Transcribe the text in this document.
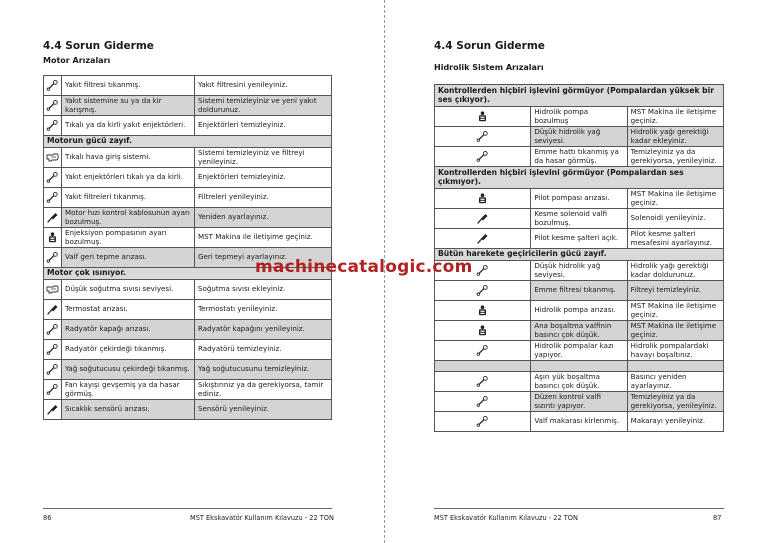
4.4 Sorun Giderme
Motor Arızaları
	Yakıt filtresi tıkanmış.	Yakıt filtresini yenileyiniz.

	Yakıt sistemine su ya da kir karışmış.	Sistemi temizleyiniz ve yeni yakıt doldurunuz.

	Tıkalı ya da kirli yakıt enjektörleri.	Enjektörleri temizleyiniz.
Motorun gücü zayıf.		

	Tıkalı hava giriş sistemi.	Sistemi temizleyiniz ve filtreyi yenileyiniz.

	Yakıt enjektörleri tıkalı ya da kirli.	Enjektörleri temizleyiniz.

	Yakıt filtreleri tıkanmış.	Filtreleri yenileyiniz.

	Motor hızı kontrol kablosunun ayarı bozulmuş.	Yeniden ayarlayınız.

	Enjeksiyon pompasının ayarı bozulmuş.	MST Makina ile iletişime geçiniz.

	Valf geri tepme arızası.	Geri tepmeyi ayarlayınız.
Motor çok ısınıyor.		

	Düşük soğutma sıvısı seviyesi.	Soğutma sıvısı ekleyiniz.

	Termostat arızası.	Termostatı yenileyiniz.

	Radyatör kapağı arızası.	Radyatör kapağını yenileyiniz.

	Radyatör çekirdeği tıkanmış.	Radyatörü temizleyiniz.

	Yağ soğutucusu çekirdeği tıkanmış.	Yağ soğutucusunu temizleyiniz.

	Fan kayışı gevşemiş ya da hasar görmüş.	Sıkıştırınız ya da gerekiyorsa, tamir ediniz.

	Sıcaklık sensörü arızası.	Sensörü yenileyiniz.
86	MST Ekskavatör Kullanım Kılavuzu - 22 TON
4.4 Sorun Giderme
Hidrolik Sistem Arızaları
Kontrollerden hiçbiri işlevini görmüyor (Pompalardan yüksek bir ses çıkıyor).		

	Hidrolik pompa bozulmuş	MST Makina ile iletişime geçiniz.

	Düşük hidrolik yağ seviyesi.	Hidrolik yağı gerektiği kadar ekleyiniz.

	Emme hattı tıkanmış ya da hasar görmüş.	Temizleyiniz ya da gerekiyorsa, yenileyiniz.
Kontrollerden hiçbiri işlevini görmüyor (Pompalardan ses çıkmıyor).		

	Pilot pompası arızası.	MST Makina ile iletişime geçiniz.

	Kesme solenoid valfi bozulmuş.	Solenoidi yenileyiniz.

	Pilot kesme şalteri açık.	Pilot kesme şalteri mesafesini ayarlayınız.
Bütün harekete geçiricilerin gücü zayıf.		

	Düşük hidrolik yağ seviyesi.	Hidrolik yağı gerektiği kadar doldurunuz.

	Emme filtresi tıkanmış.	Filtreyi temizleyiniz.

	Hidrolik pompa arızası.	MST Makina ile iletişime geçiniz.

	Ana boşaltma valfinin basıncı çok düşük.	MST Makina ile iletişime geçiniz.

	Hidrolik pompalar kazı yapıyor.	Hidrolik pompalardaki havayı boşaltınız.

	Aşırı yük boşaltma basıncı çok düşük.	Basıncı yeniden ayarlayınız.

	Düzen kontrol valfi sızıntı yapıyor.	Temizleyiniz ya da gerekiyorsa, yenileyiniz.

	Valf makarası kirlenmiş.	Makarayı yenileyiniz.
MST Ekskavatör Kullanım Kılavuzu - 22 TON	87
machinecatalogic.com
